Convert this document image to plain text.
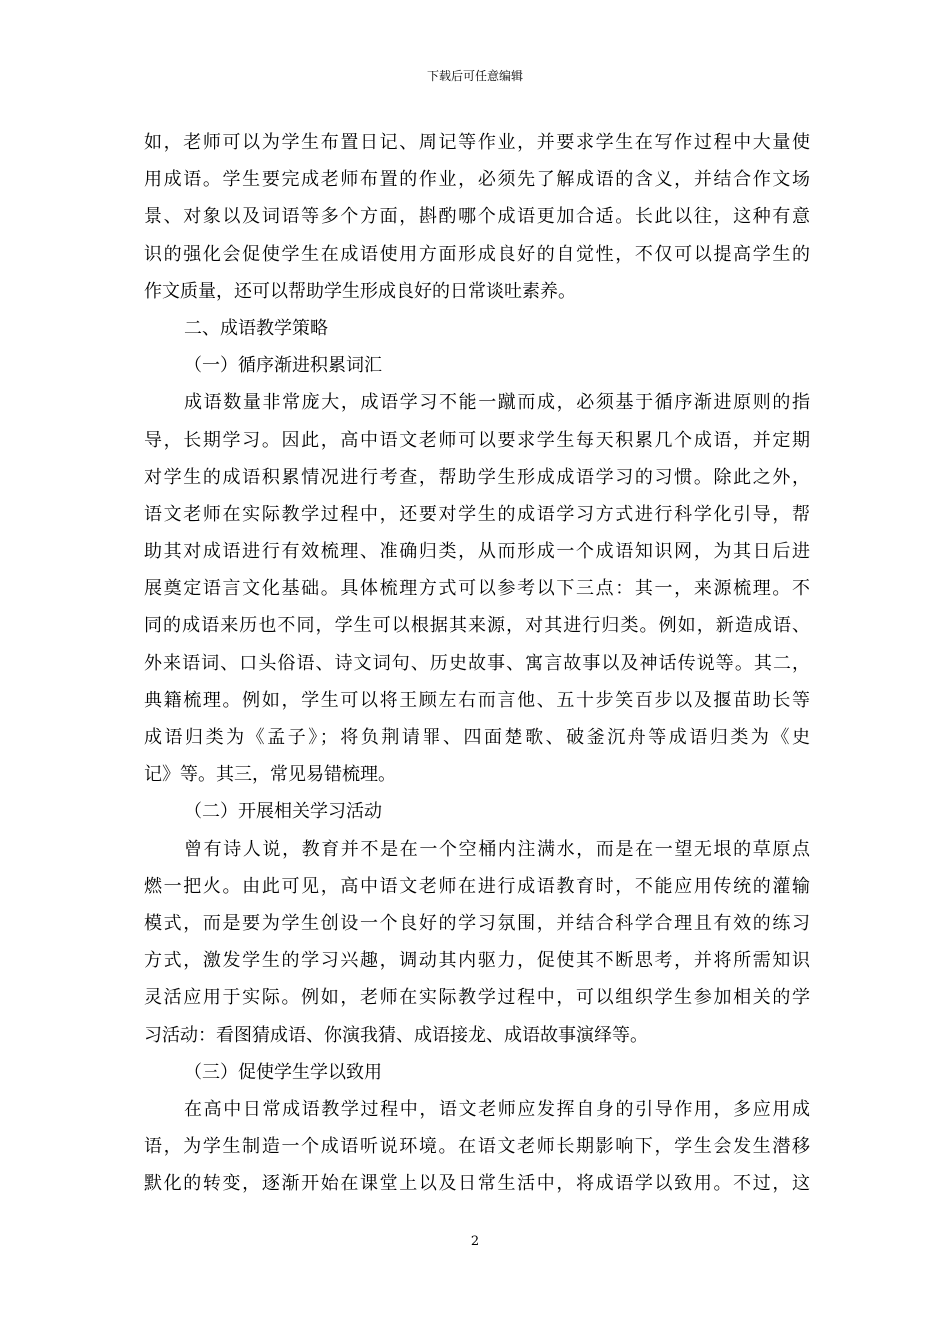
下载后可任意编辑
如，老师可以为学生布置日记、周记等作业，并要求学生在写作过程中大量使
用成语。学生要完成老师布置的作业，必须先了解成语的含义，并结合作文场
景、对象以及词语等多个方面，斟酌哪个成语更加合适。长此以往，这种有意
识的强化会促使学生在成语使用方面形成良好的自觉性，不仅可以提高学生的
作文质量，还可以帮助学生形成良好的日常谈吐素养。
二、成语教学策略
（一）循序渐进积累词汇
成语数量非常庞大，成语学习不能一蹴而成，必须基于循序渐进原则的指
导，长期学习。因此，高中语文老师可以要求学生每天积累几个成语，并定期
对学生的成语积累情况进行考查，帮助学生形成成语学习的习惯。除此之外，
语文老师在实际教学过程中，还要对学生的成语学习方式进行科学化引导，帮
助其对成语进行有效梳理、准确归类，从而形成一个成语知识网，为其日后进
展奠定语言文化基础。具体梳理方式可以参考以下三点：其一，来源梳理。不
同的成语来历也不同，学生可以根据其来源，对其进行归类。例如，新造成语、
外来语词、口头俗语、诗文词句、历史故事、寓言故事以及神话传说等。其二，
典籍梳理。例如，学生可以将王顾左右而言他、五十步笑百步以及揠苗助长等
成语归类为《孟子》；将负荆请罪、四面楚歌、破釜沉舟等成语归类为《史
记》等。其三，常见易错梳理。
（二）开展相关学习活动
曾有诗人说，教育并不是在一个空桶内注满水，而是在一望无垠的草原点
燃一把火。由此可见，高中语文老师在进行成语教育时，不能应用传统的灌输
模式，而是要为学生创设一个良好的学习氛围，并结合科学合理且有效的练习
方式，激发学生的学习兴趣，调动其内驱力，促使其不断思考，并将所需知识
灵活应用于实际。例如，老师在实际教学过程中，可以组织学生参加相关的学
习活动：看图猜成语、你演我猜、成语接龙、成语故事演绎等。
（三）促使学生学以致用
在高中日常成语教学过程中，语文老师应发挥自身的引导作用，多应用成
语，为学生制造一个成语听说环境。在语文老师长期影响下，学生会发生潜移
默化的转变，逐渐开始在课堂上以及日常生活中，将成语学以致用。不过，这
2
